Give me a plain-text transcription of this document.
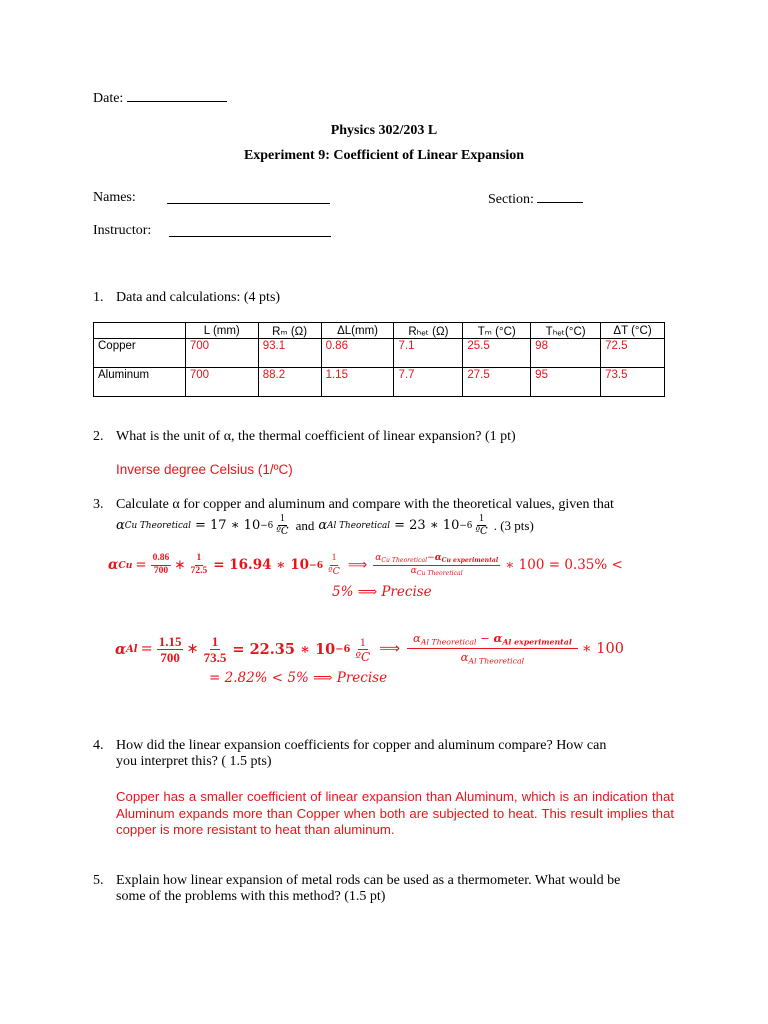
Date:
Physics 302/203 L
Experiment 9: Coefficient of Linear Expansion
Names:	Section:
Instructor:
1. Data and calculations: (4 pts)
	L (mm)	Rₘ (Ω)	ΔL(mm)	Rₕₑₜ (Ω)	Tₘ (°C)	Tₕₑₜ(°C)	ΔT (°C)
Copper	700	93.1	0.86	7.1	25.5	98	72.5
Aluminum	700	88.2	1.15	7.7	27.5	95	73.5
2. What is the unit of α, the thermal coefficient of linear expansion? (1 pt)
Inverse degree Celsius (1/ºC)
3. Calculate α for copper and aluminum and compare with the theoretical values, given that
α Cu Theoretical = 17 ∗ $10 -6 \frac{1}{\text{ºC}}$ and α Al Theoretical = 23 ∗ $10 -6 \frac{1}{\text{ºC}}$ . (3 pts)
α $Cu = \frac{0.86}{700}$ ∗ $\frac{1}{72.5} = 16.94$ ∗ $10 -6 \frac{1}{\text{ºC}}$ ⟹ $\frac{\alpha_{Cu Theoretical}-\alpha_{Cu experimental}}{\alpha_{Cu Theoretical}}$ ∗ 100 = 0.35% <
5% ⟹ Precise
α $Al = \frac{1.15}{700}$ ∗ $\frac{1}{73.5} = 22.35$ ∗ $10 -6 \frac{1}{\text{ºC}}$ ⟹ $\frac{\alpha_{Al Theoretical} - \alpha_{Al experimental}}{\alpha_{Al Theoretical}}$ ∗ 100
= 2.82% < 5% ⟹ Precise
4. How did the linear expansion coefficients for copper and aluminum compare? How can
you interpret this? ( 1.5 pts)
Copper has a smaller coefficient of linear expansion than Aluminum, which is an indication that Aluminum expands more than Copper when both are subjected to heat. This result implies that copper is more resistant to heat than aluminum.
5. Explain how linear expansion of metal rods can be used as a thermometer. What would be
some of the problems with this method? (1.5 pt)
